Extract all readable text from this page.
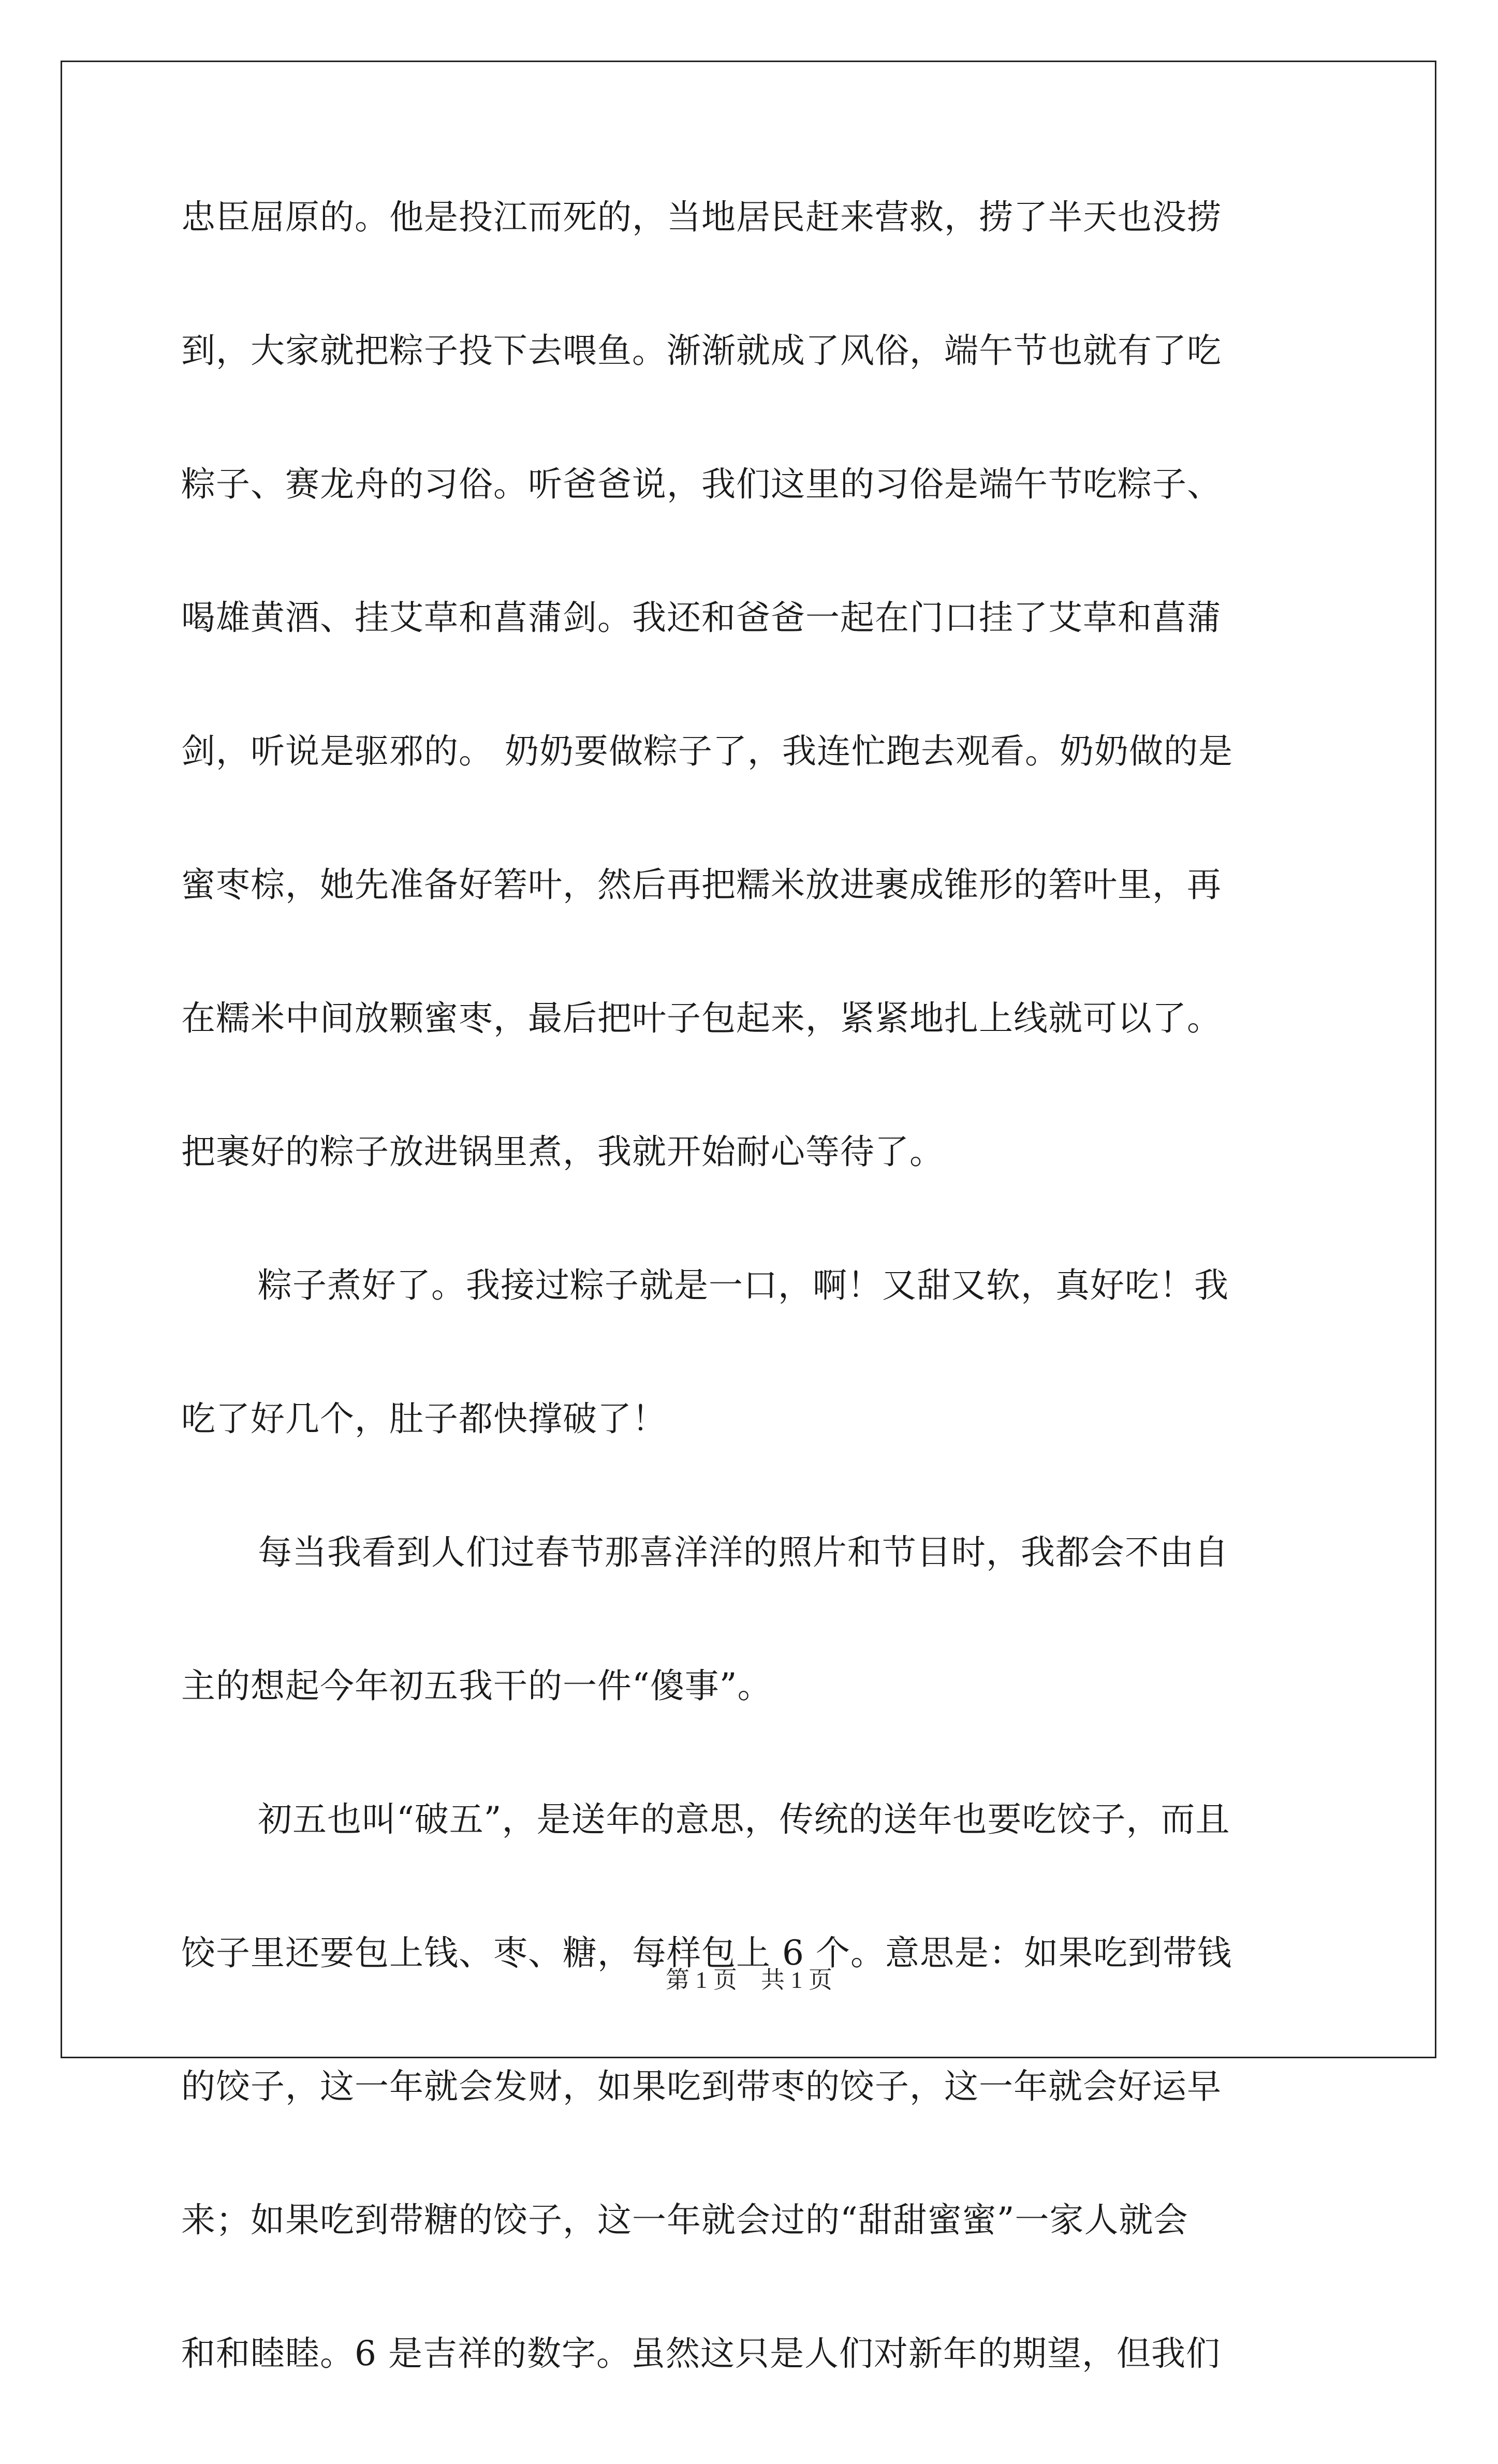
忠臣屈原的。他是投江而死的，当地居民赶来营救，捞了半天也没捞
到，大家就把粽子投下去喂鱼。渐渐就成了风俗，端午节也就有了吃
粽子、赛龙舟的习俗。听爸爸说，我们这里的习俗是端午节吃粽子、
喝雄黄酒、挂艾草和菖蒲剑。我还和爸爸一起在门口挂了艾草和菖蒲
剑，听说是驱邪的。 奶奶要做粽子了，我连忙跑去观看。奶奶做的是
蜜枣棕，她先准备好箬叶，然后再把糯米放进裹成锥形的箬叶里，再
在糯米中间放颗蜜枣，最后把叶子包起来，紧紧地扎上线就可以了。
把裹好的粽子放进锅里煮，我就开始耐心等待了。
粽子煮好了。我接过粽子就是一口，啊！又甜又软，真好吃！我
吃了好几个，肚子都快撑破了！
每当我看到人们过春节那喜洋洋的照片和节目时，我都会不由自
主的想起今年初五我干的一件“傻事”。
初五也叫“破五”，是送年的意思，传统的送年也要吃饺子，而且
饺子里还要包上钱、枣、糖，每样包上 6 个。意思是：如果吃到带钱
的饺子，这一年就会发财，如果吃到带枣的饺子，这一年就会好运早
来；如果吃到带糖的饺子，这一年就会过的“甜甜蜜蜜”一家人就会
和和睦睦。6 是吉祥的数字。虽然这只是人们对新年的期望，但我们
第 1 页　共 1 页
